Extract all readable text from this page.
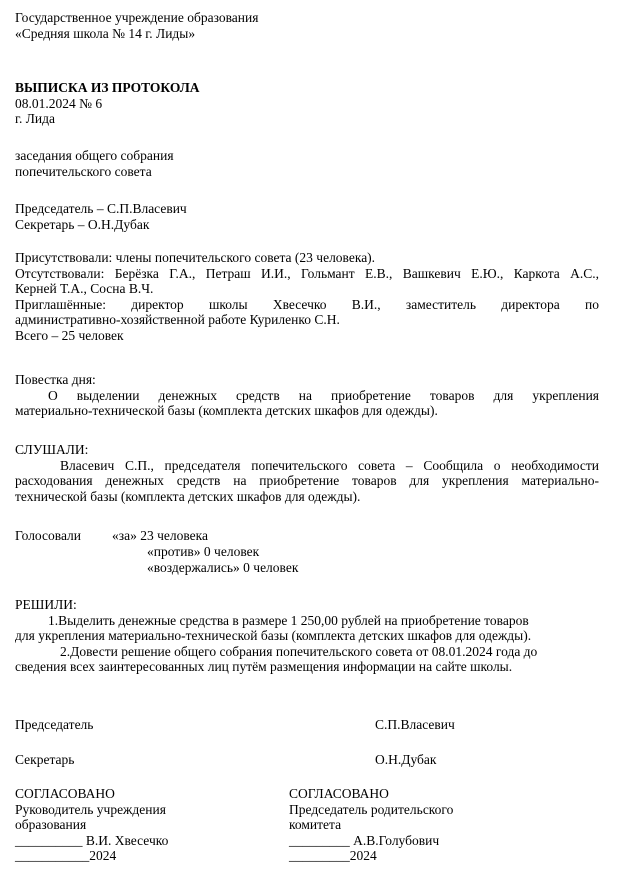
Государственное учреждение образования
«Средняя школа № 14 г. Лиды»
ВЫПИСКА ИЗ ПРОТОКОЛА
08.01.2024 № 6
г. Лида
заседания общего собрания
попечительского совета
Председатель – С.П.Власевич
Секретарь – О.Н.Дубак
Присутствовали: члены попечительского совета (23 человека).
Отсутствовали: Берёзка Г.А., Петраш И.И., Гольмант Е.В., Вашкевич Е.Ю., Каркота А.С.,
Керней Т.А., Сосна В.Ч.
Приглашённые: директор школы Хвесечко В.И., заместитель директора по
административно-хозяйственной работе Куриленко С.Н.
Всего – 25 человек
Повестка дня:
О выделении денежных средств на приобретение товаров для укрепления
материально-технической базы (комплекта детских шкафов для одежды).
СЛУШАЛИ:
Власевич С.П., председателя попечительского совета – Сообщила о необходимости
расходования денежных средств на приобретение товаров для укрепления материально-
технической базы (комплекта детских шкафов для одежды).
Голосовали «за» 23 человека
«против» 0 человек
«воздержались» 0 человек
РЕШИЛИ:
1.Выделить денежные средства в размере 1 250,00 рублей на приобретение товаров
для укрепления материально-технической базы (комплекта детских шкафов для одежды).
2.Довести решение общего собрания попечительского совета от 08.01.2024 года до
сведения всех заинтересованных лиц путём размещения информации на сайте школы.
Председатель	С.П.Власевич
Секретарь	О.Н.Дубак
СОГЛАСОВАНО
Руководитель учреждения
образования
__________ В.И. Хвесечко
___________2024
СОГЛАСОВАНО
Председатель родительского
комитета
_________ А.В.Голубович
_________2024
